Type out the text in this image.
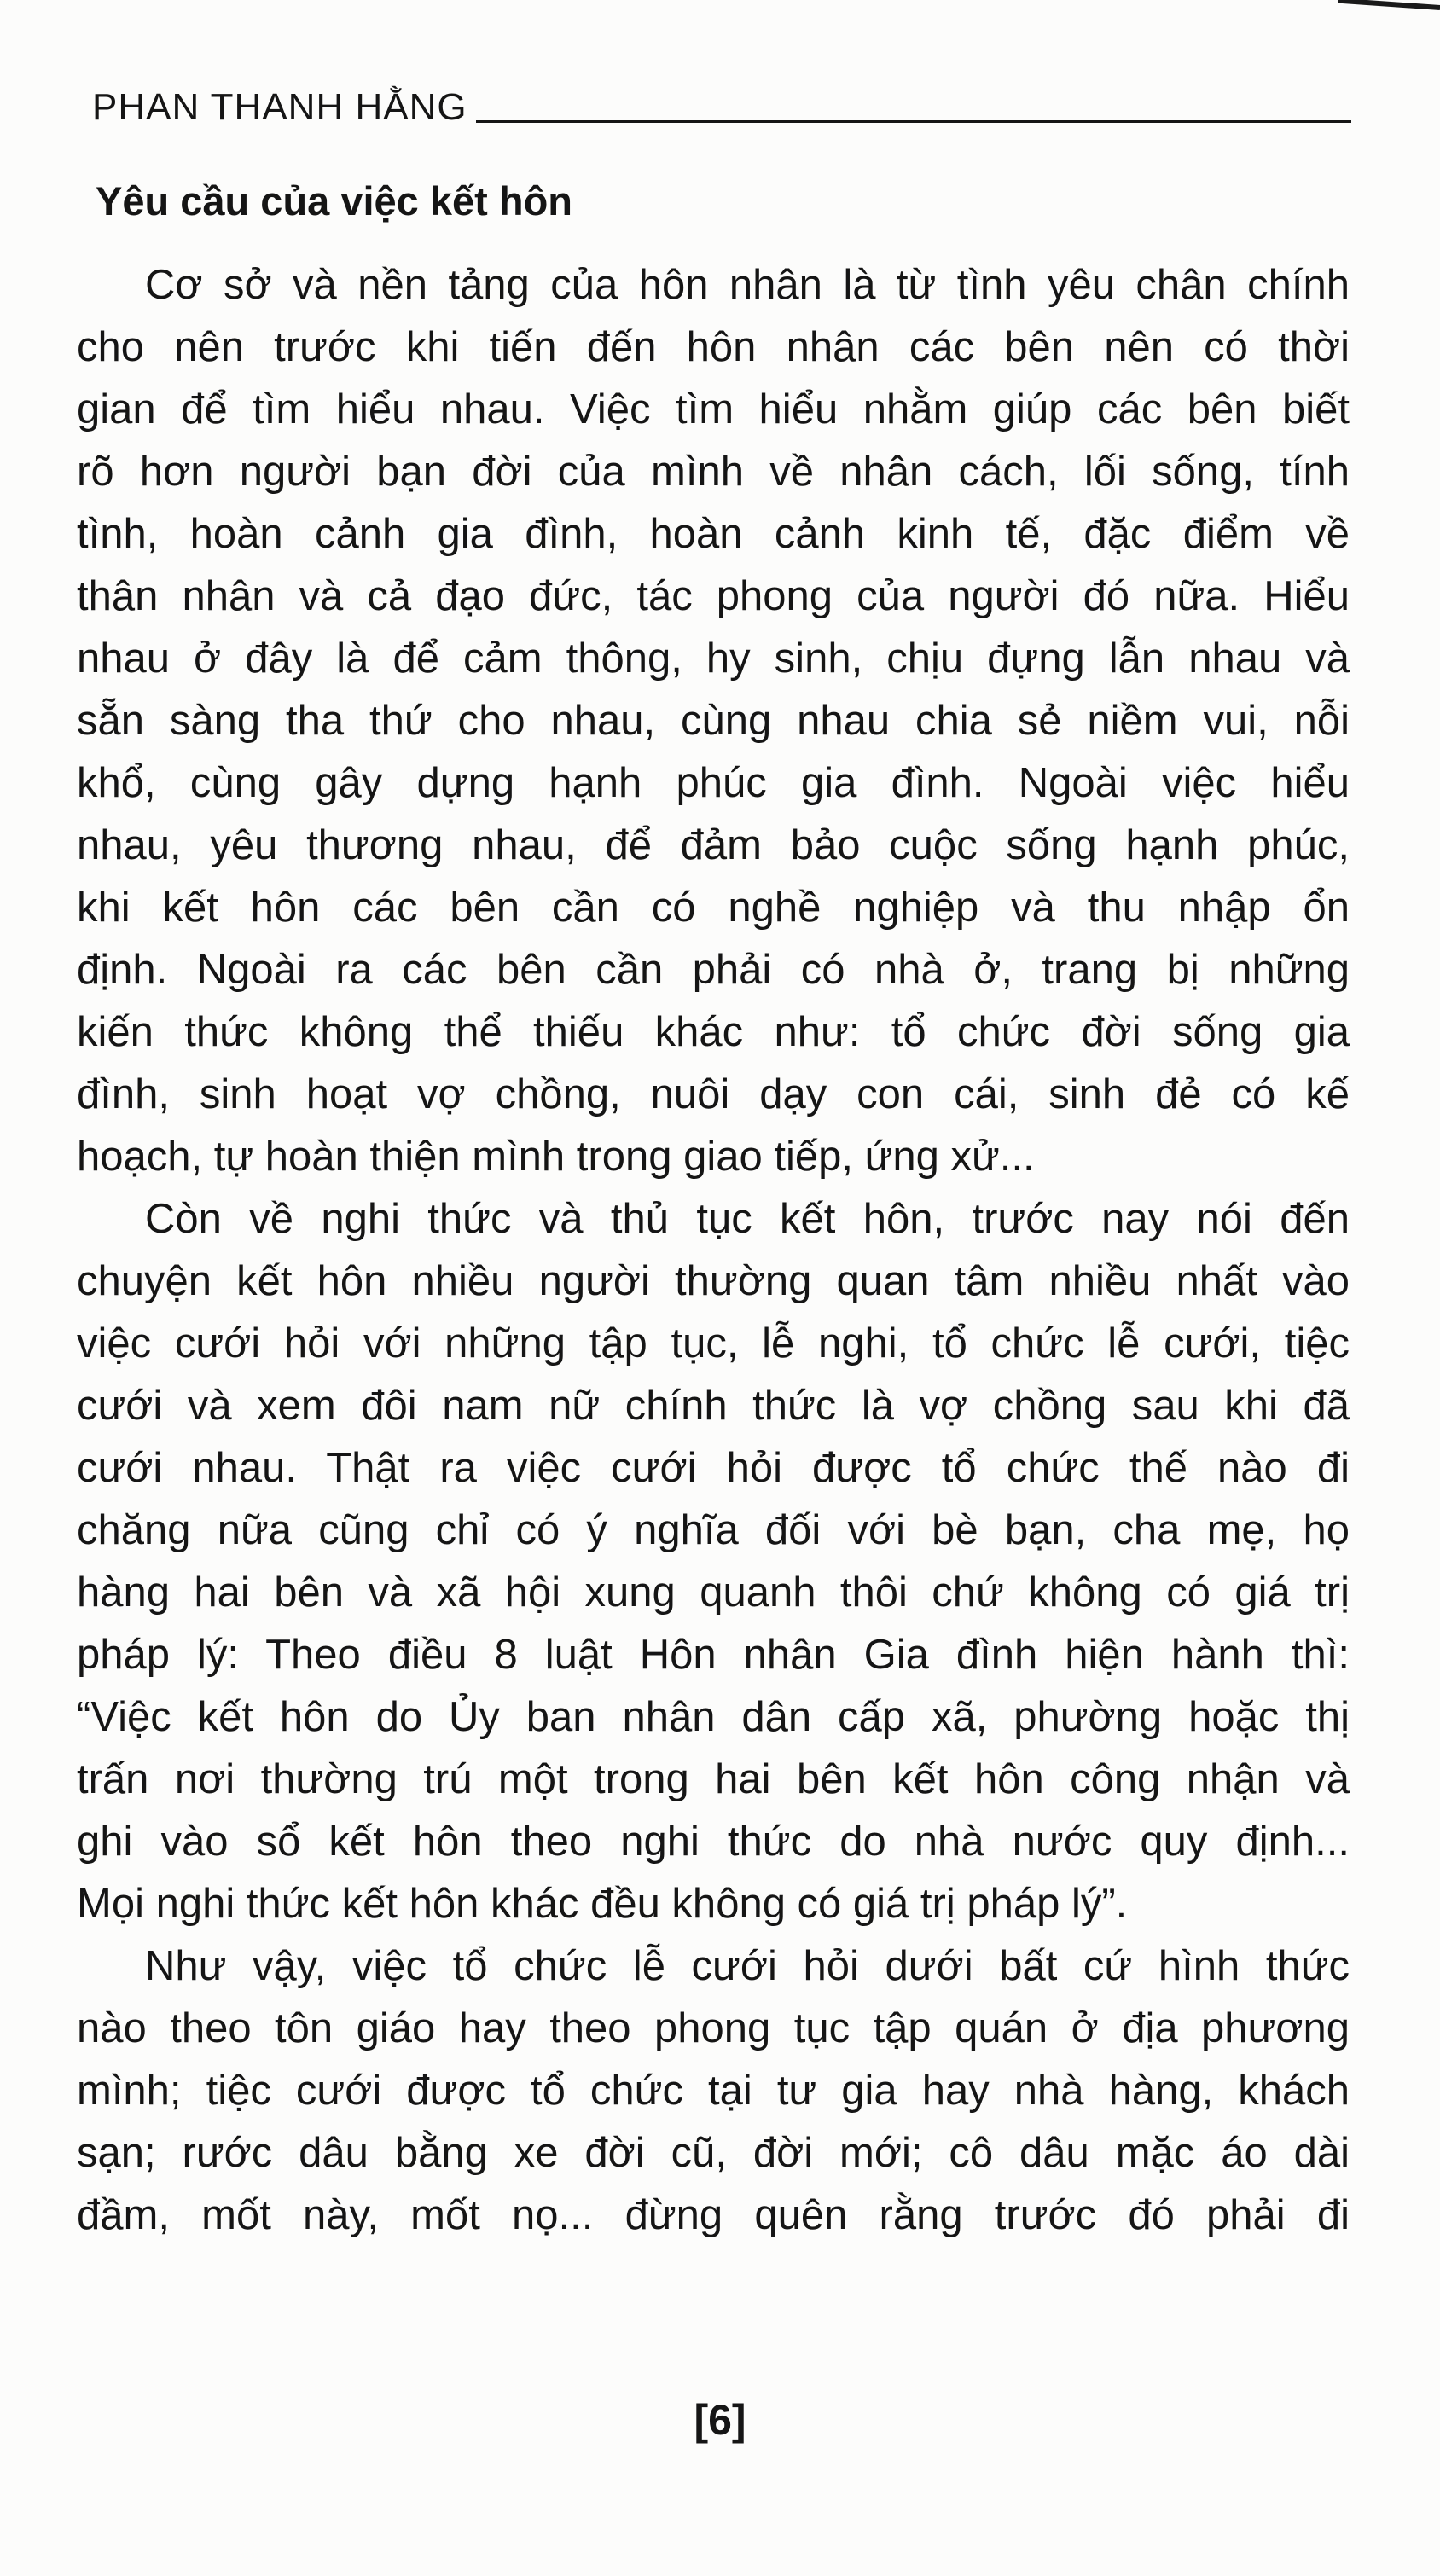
PHAN THANH HẰNG
Yêu cầu của việc kết hôn

Cơ sở và nền tảng của hôn nhân là từ tình yêu chân chính
cho nên trước khi tiến đến hôn nhân các bên nên có thời
gian để tìm hiểu nhau. Việc tìm hiểu nhằm giúp các bên biết
rõ hơn người bạn đời của mình về nhân cách, lối sống, tính
tình, hoàn cảnh gia đình, hoàn cảnh kinh tế, đặc điểm về
thân nhân và cả đạo đức, tác phong của người đó nữa. Hiểu
nhau ở đây là để cảm thông, hy sinh, chịu đựng lẫn nhau và
sẵn sàng tha thứ cho nhau, cùng nhau chia sẻ niềm vui, nỗi
khổ, cùng gây dựng hạnh phúc gia đình. Ngoài việc hiểu
nhau, yêu thương nhau, để đảm bảo cuộc sống hạnh phúc,
khi kết hôn các bên cần có nghề nghiệp và thu nhập ổn
định. Ngoài ra các bên cần phải có nhà ở, trang bị những
kiến thức không thể thiếu khác như: tổ chức đời sống gia
đình, sinh hoạt vợ chồng, nuôi dạy con cái, sinh đẻ có kế
hoạch, tự hoàn thiện mình trong giao tiếp, ứng xử...

Còn về nghi thức và thủ tục kết hôn, trước nay nói đến
chuyện kết hôn nhiều người thường quan tâm nhiều nhất vào
việc cưới hỏi với những tập tục, lễ nghi, tổ chức lễ cưới, tiệc
cưới và xem đôi nam nữ chính thức là vợ chồng sau khi đã
cưới nhau. Thật ra việc cưới hỏi được tổ chức thế nào đi
chăng nữa cũng chỉ có ý nghĩa đối với bè bạn, cha mẹ, họ
hàng hai bên và xã hội xung quanh thôi chứ không có giá trị
pháp lý: Theo điều 8 luật Hôn nhân Gia đình hiện hành thì:
“Việc kết hôn do Ủy ban nhân dân cấp xã, phường hoặc thị
trấn nơi thường trú một trong hai bên kết hôn công nhận và
ghi vào sổ kết hôn theo nghi thức do nhà nước quy định...
Mọi nghi thức kết hôn khác đều không có giá trị pháp lý”.

Như vậy, việc tổ chức lễ cưới hỏi dưới bất cứ hình thức
nào theo tôn giáo hay theo phong tục tập quán ở địa phương
mình; tiệc cưới được tổ chức tại tư gia hay nhà hàng, khách
sạn; rước dâu bằng xe đời cũ, đời mới; cô dâu mặc áo dài
đầm, mốt này, mốt nọ... đừng quên rằng trước đó phải đi

[6]
